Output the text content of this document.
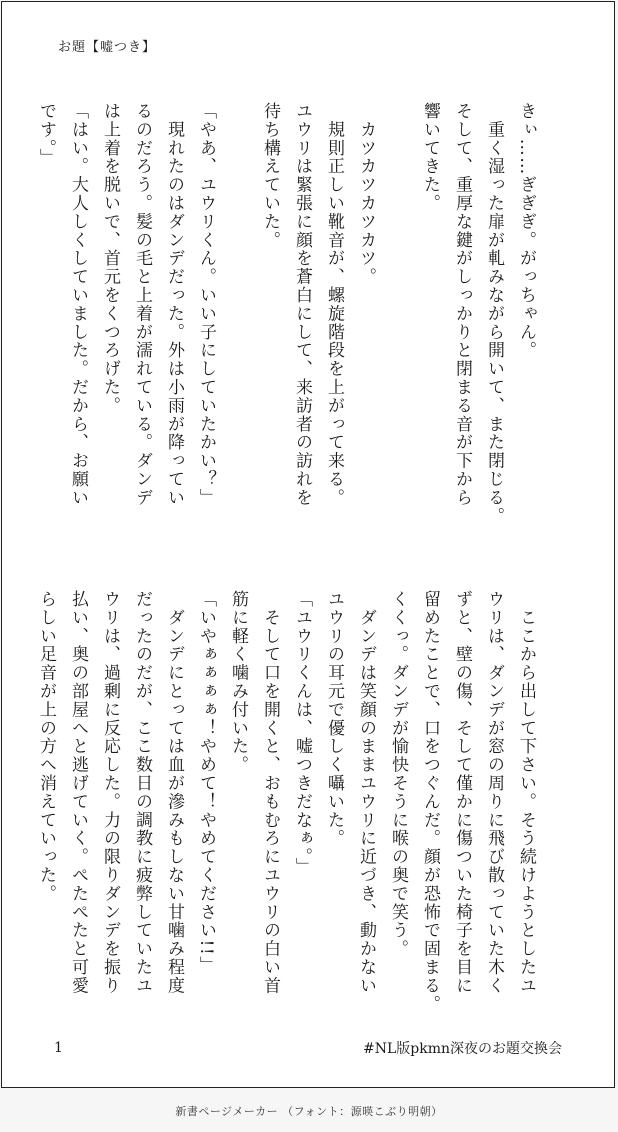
お題【嘘つき】
きぃ……ぎぎぎ。がっちゃん。
　重く湿った扉が軋みながら開いて、また閉じる。
そして、重厚な鍵がしっかりと閉まる音が下から
響いてきた。
　カツカツカツカツ。
　規則正しい靴音が、螺旋階段を上がって来る。
ユウリは緊張に顔を蒼白にして、来訪者の訪れを
待ち構えていた。
「やあ、ユウリくん。いい子にしていたかい？」
　現れたのはダンデだった。外は小雨が降ってい
るのだろう。髪の毛と上着が濡れている。ダンデ
は上着を脱いで、首元をくつろげた。
「はい。大人しくしていました。だから、お願い
です。」
　ここから出して下さい。そう続けようとしたユ
ウリは、ダンデが窓の周りに飛び散っていた木く
ずと、壁の傷、そして僅かに傷ついた椅子を目に
留めたことで、口をつぐんだ。顔が恐怖で固まる。
くくっ。ダンデが愉快そうに喉の奥で笑う。
　ダンデは笑顔のままユウリに近づき、動かない
ユウリの耳元で優しく囁いた。
「ユウリくんは、嘘つきだなぁ。」
　そして口を開くと、おもむろにユウリの白い首
筋に軽く噛み付いた。
「いやぁぁぁぁ！やめて！やめてください!!」
　ダンデにとっては血が滲みもしない甘噛み程度
だったのだが、ここ数日の調教に疲弊していたユ
ウリは、過剰に反応した。力の限りダンデを振り
払い、奥の部屋へと逃げていく。ぺたぺたと可愛
らしい足音が上の方へ消えていった。
1	#NL版pkmn深夜のお題交換会
新書ページメーカー （フォント：源暎こぶり明朝）
